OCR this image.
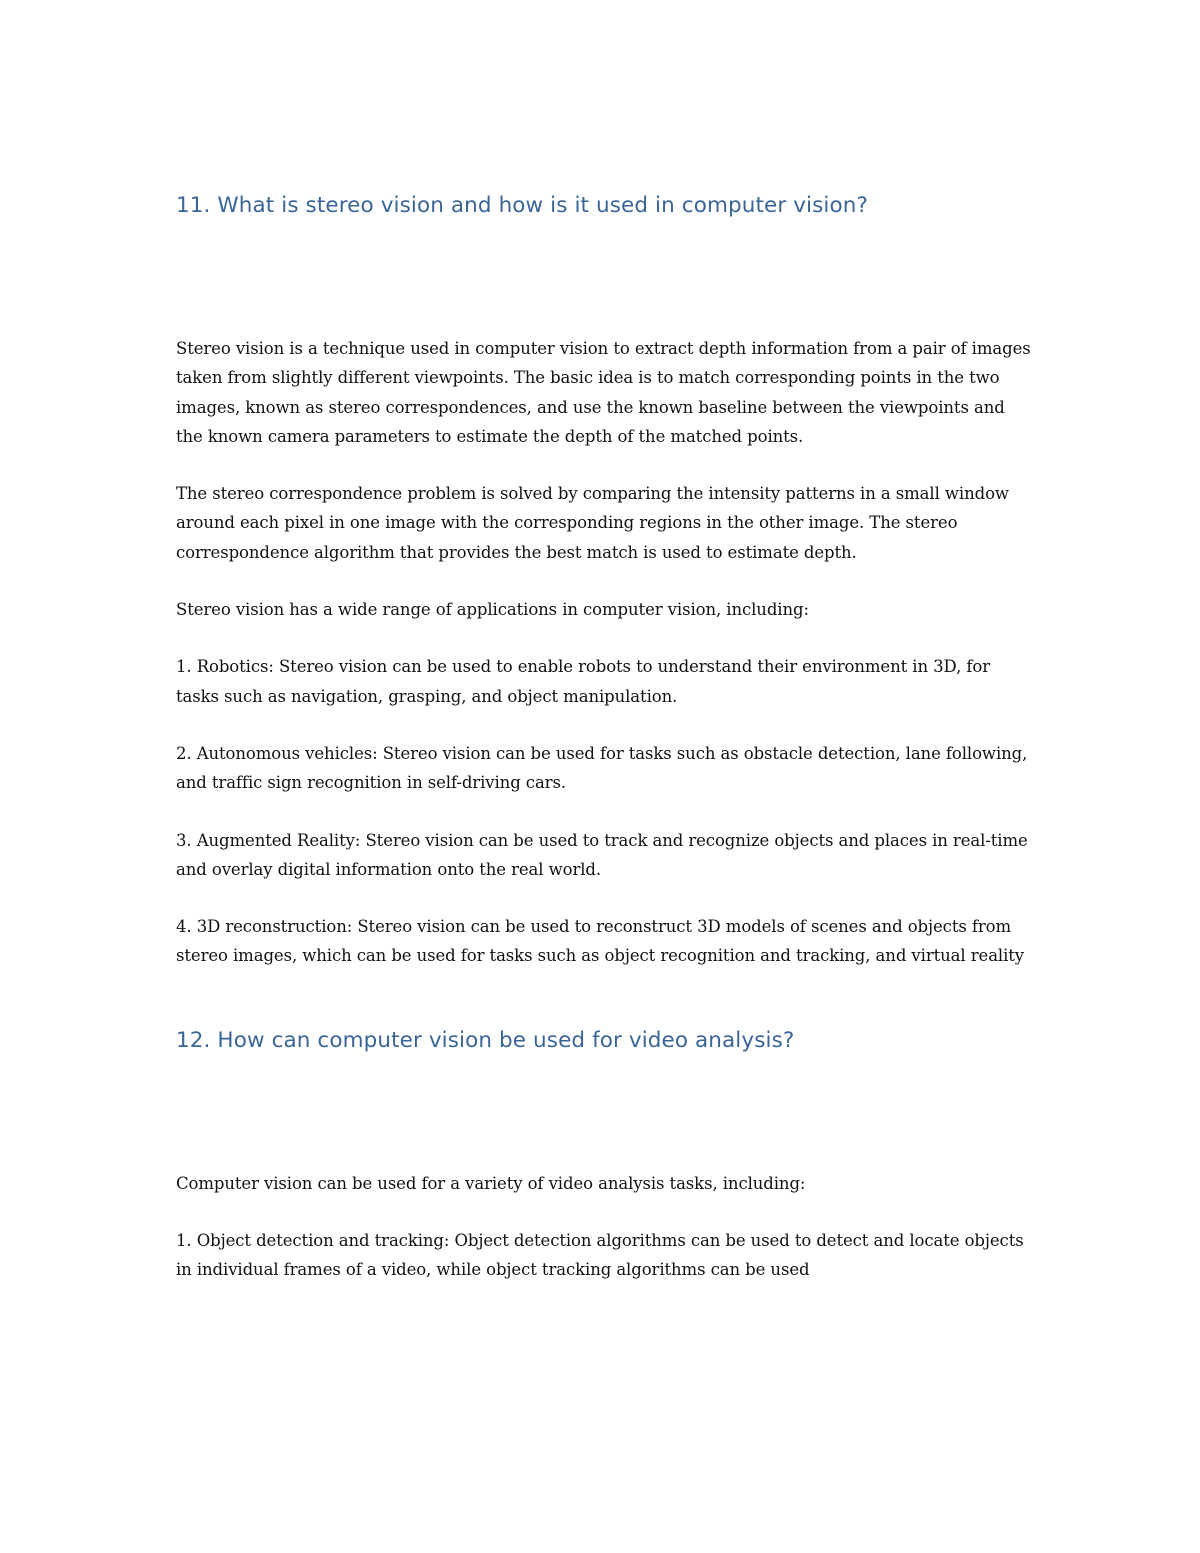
11. What is stereo vision and how is it used in computer vision?

Stereo vision is a technique used in computer vision to extract depth information from a pair of images taken from slightly different viewpoints. The basic idea is to match corresponding points in the two images, known as stereo correspondences, and use the known baseline between the viewpoints and the known camera parameters to estimate the depth of the matched points.

The stereo correspondence problem is solved by comparing the intensity patterns in a small window around each pixel in one image with the corresponding regions in the other image. The stereo correspondence algorithm that provides the best match is used to estimate depth.

Stereo vision has a wide range of applications in computer vision, including:

1. Robotics: Stereo vision can be used to enable robots to understand their environment in 3D, for tasks such as navigation, grasping, and object manipulation.

2. Autonomous vehicles: Stereo vision can be used for tasks such as obstacle detection, lane following, and traffic sign recognition in self-driving cars.

3. Augmented Reality: Stereo vision can be used to track and recognize objects and places in real-time and overlay digital information onto the real world.

4. 3D reconstruction: Stereo vision can be used to reconstruct 3D models of scenes and objects from stereo images, which can be used for tasks such as object recognition and tracking, and virtual reality

12. How can computer vision be used for video analysis?

Computer vision can be used for a variety of video analysis tasks, including:

1. Object detection and tracking: Object detection algorithms can be used to detect and locate objects in individual frames of a video, while object tracking algorithms can be used
